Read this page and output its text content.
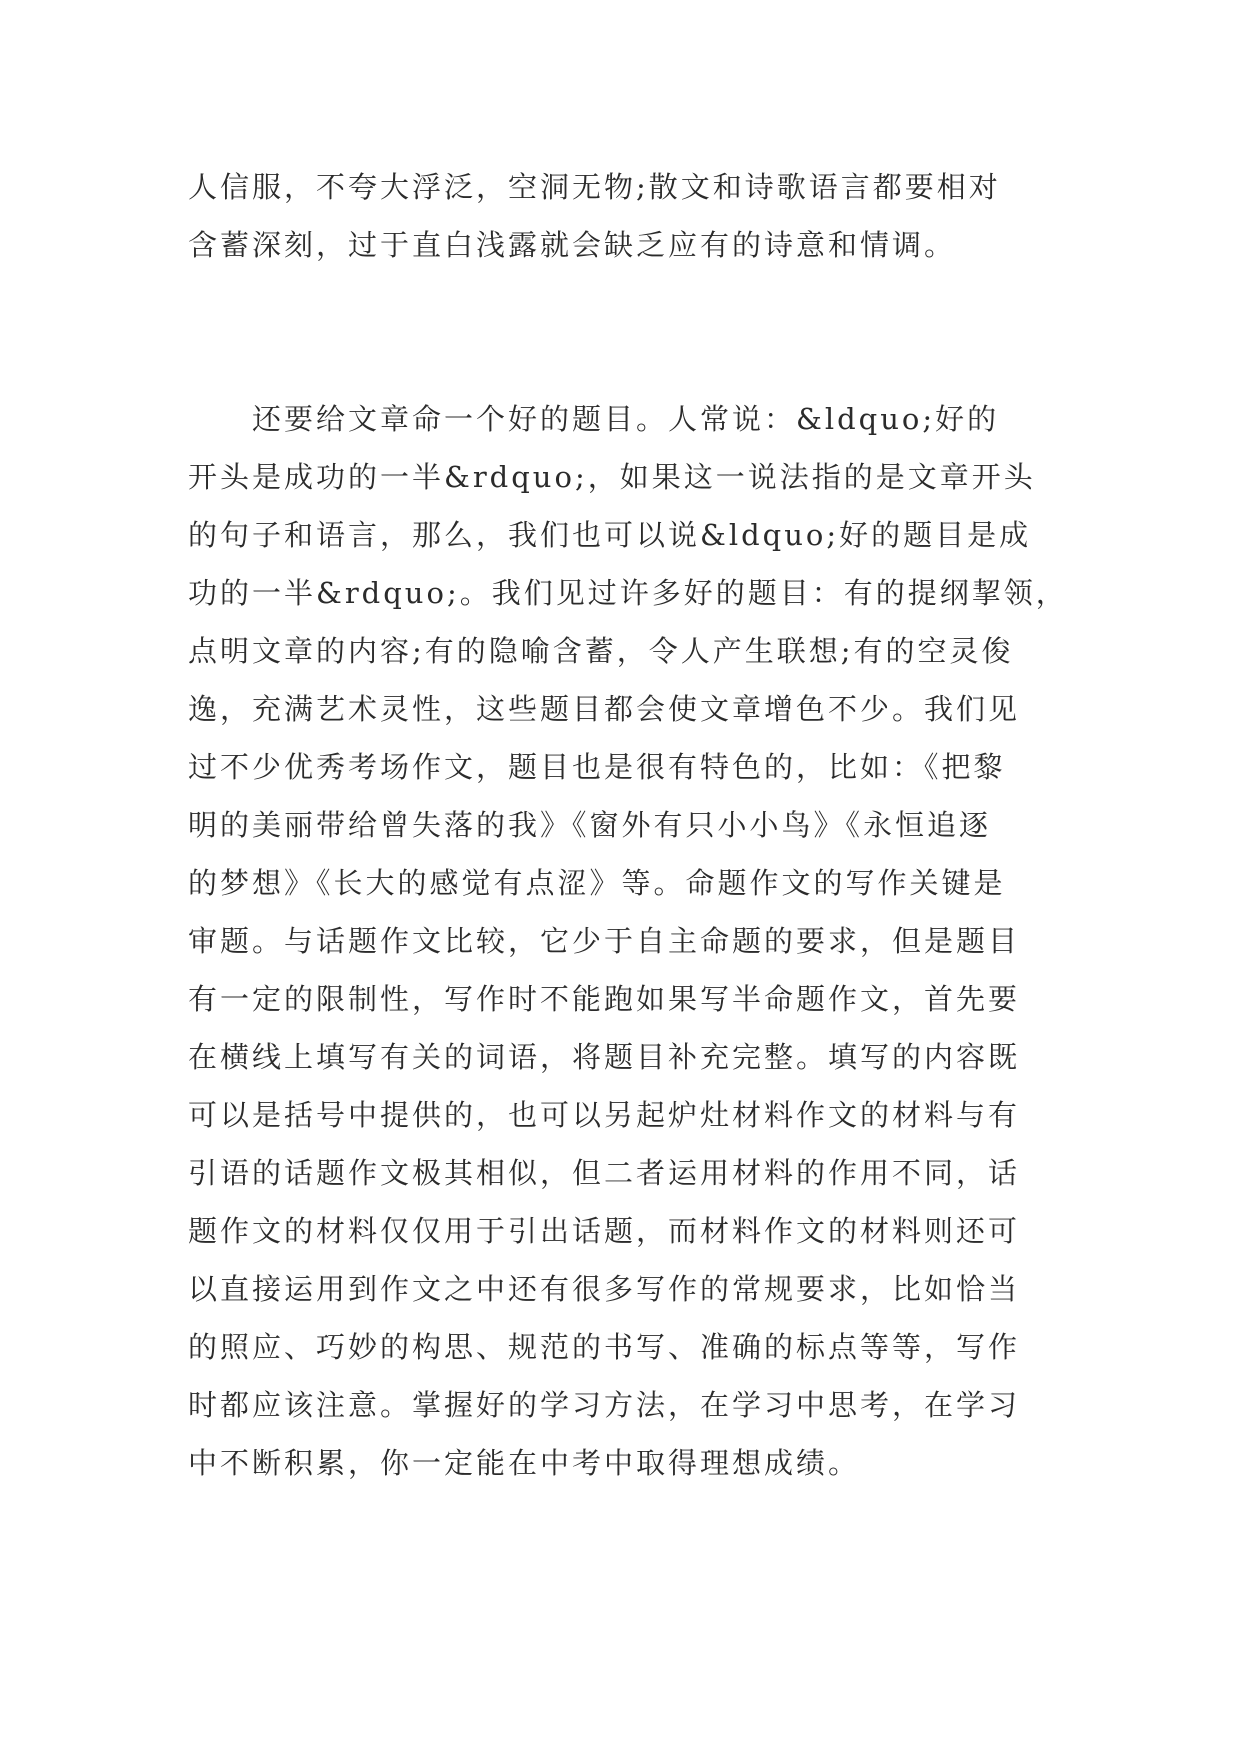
人信服，不夸大浮泛，空洞无物;散文和诗歌语言都要相对
含蓄深刻，过于直白浅露就会缺乏应有的诗意和情调。
　　还要给文章命一个好的题目。人常说：&ldquo;好的
开头是成功的一半&rdquo;，如果这一说法指的是文章开头
的句子和语言，那么，我们也可以说&ldquo;好的题目是成
功的一半&rdquo;。我们见过许多好的题目：有的提纲挈领，
点明文章的内容;有的隐喻含蓄，令人产生联想;有的空灵俊
逸，充满艺术灵性，这些题目都会使文章增色不少。我们见
过不少优秀考场作文，题目也是很有特色的，比如：《把黎
明的美丽带给曾失落的我》《窗外有只小小鸟》《永恒追逐
的梦想》《长大的感觉有点涩》等。命题作文的写作关键是
审题。与话题作文比较，它少于自主命题的要求，但是题目
有一定的限制性，写作时不能跑如果写半命题作文，首先要
在横线上填写有关的词语，将题目补充完整。填写的内容既
可以是括号中提供的，也可以另起炉灶材料作文的材料与有
引语的话题作文极其相似，但二者运用材料的作用不同，话
题作文的材料仅仅用于引出话题，而材料作文的材料则还可
以直接运用到作文之中还有很多写作的常规要求，比如恰当
的照应、巧妙的构思、规范的书写、准确的标点等等，写作
时都应该注意。掌握好的学习方法，在学习中思考，在学习
中不断积累，你一定能在中考中取得理想成绩。
